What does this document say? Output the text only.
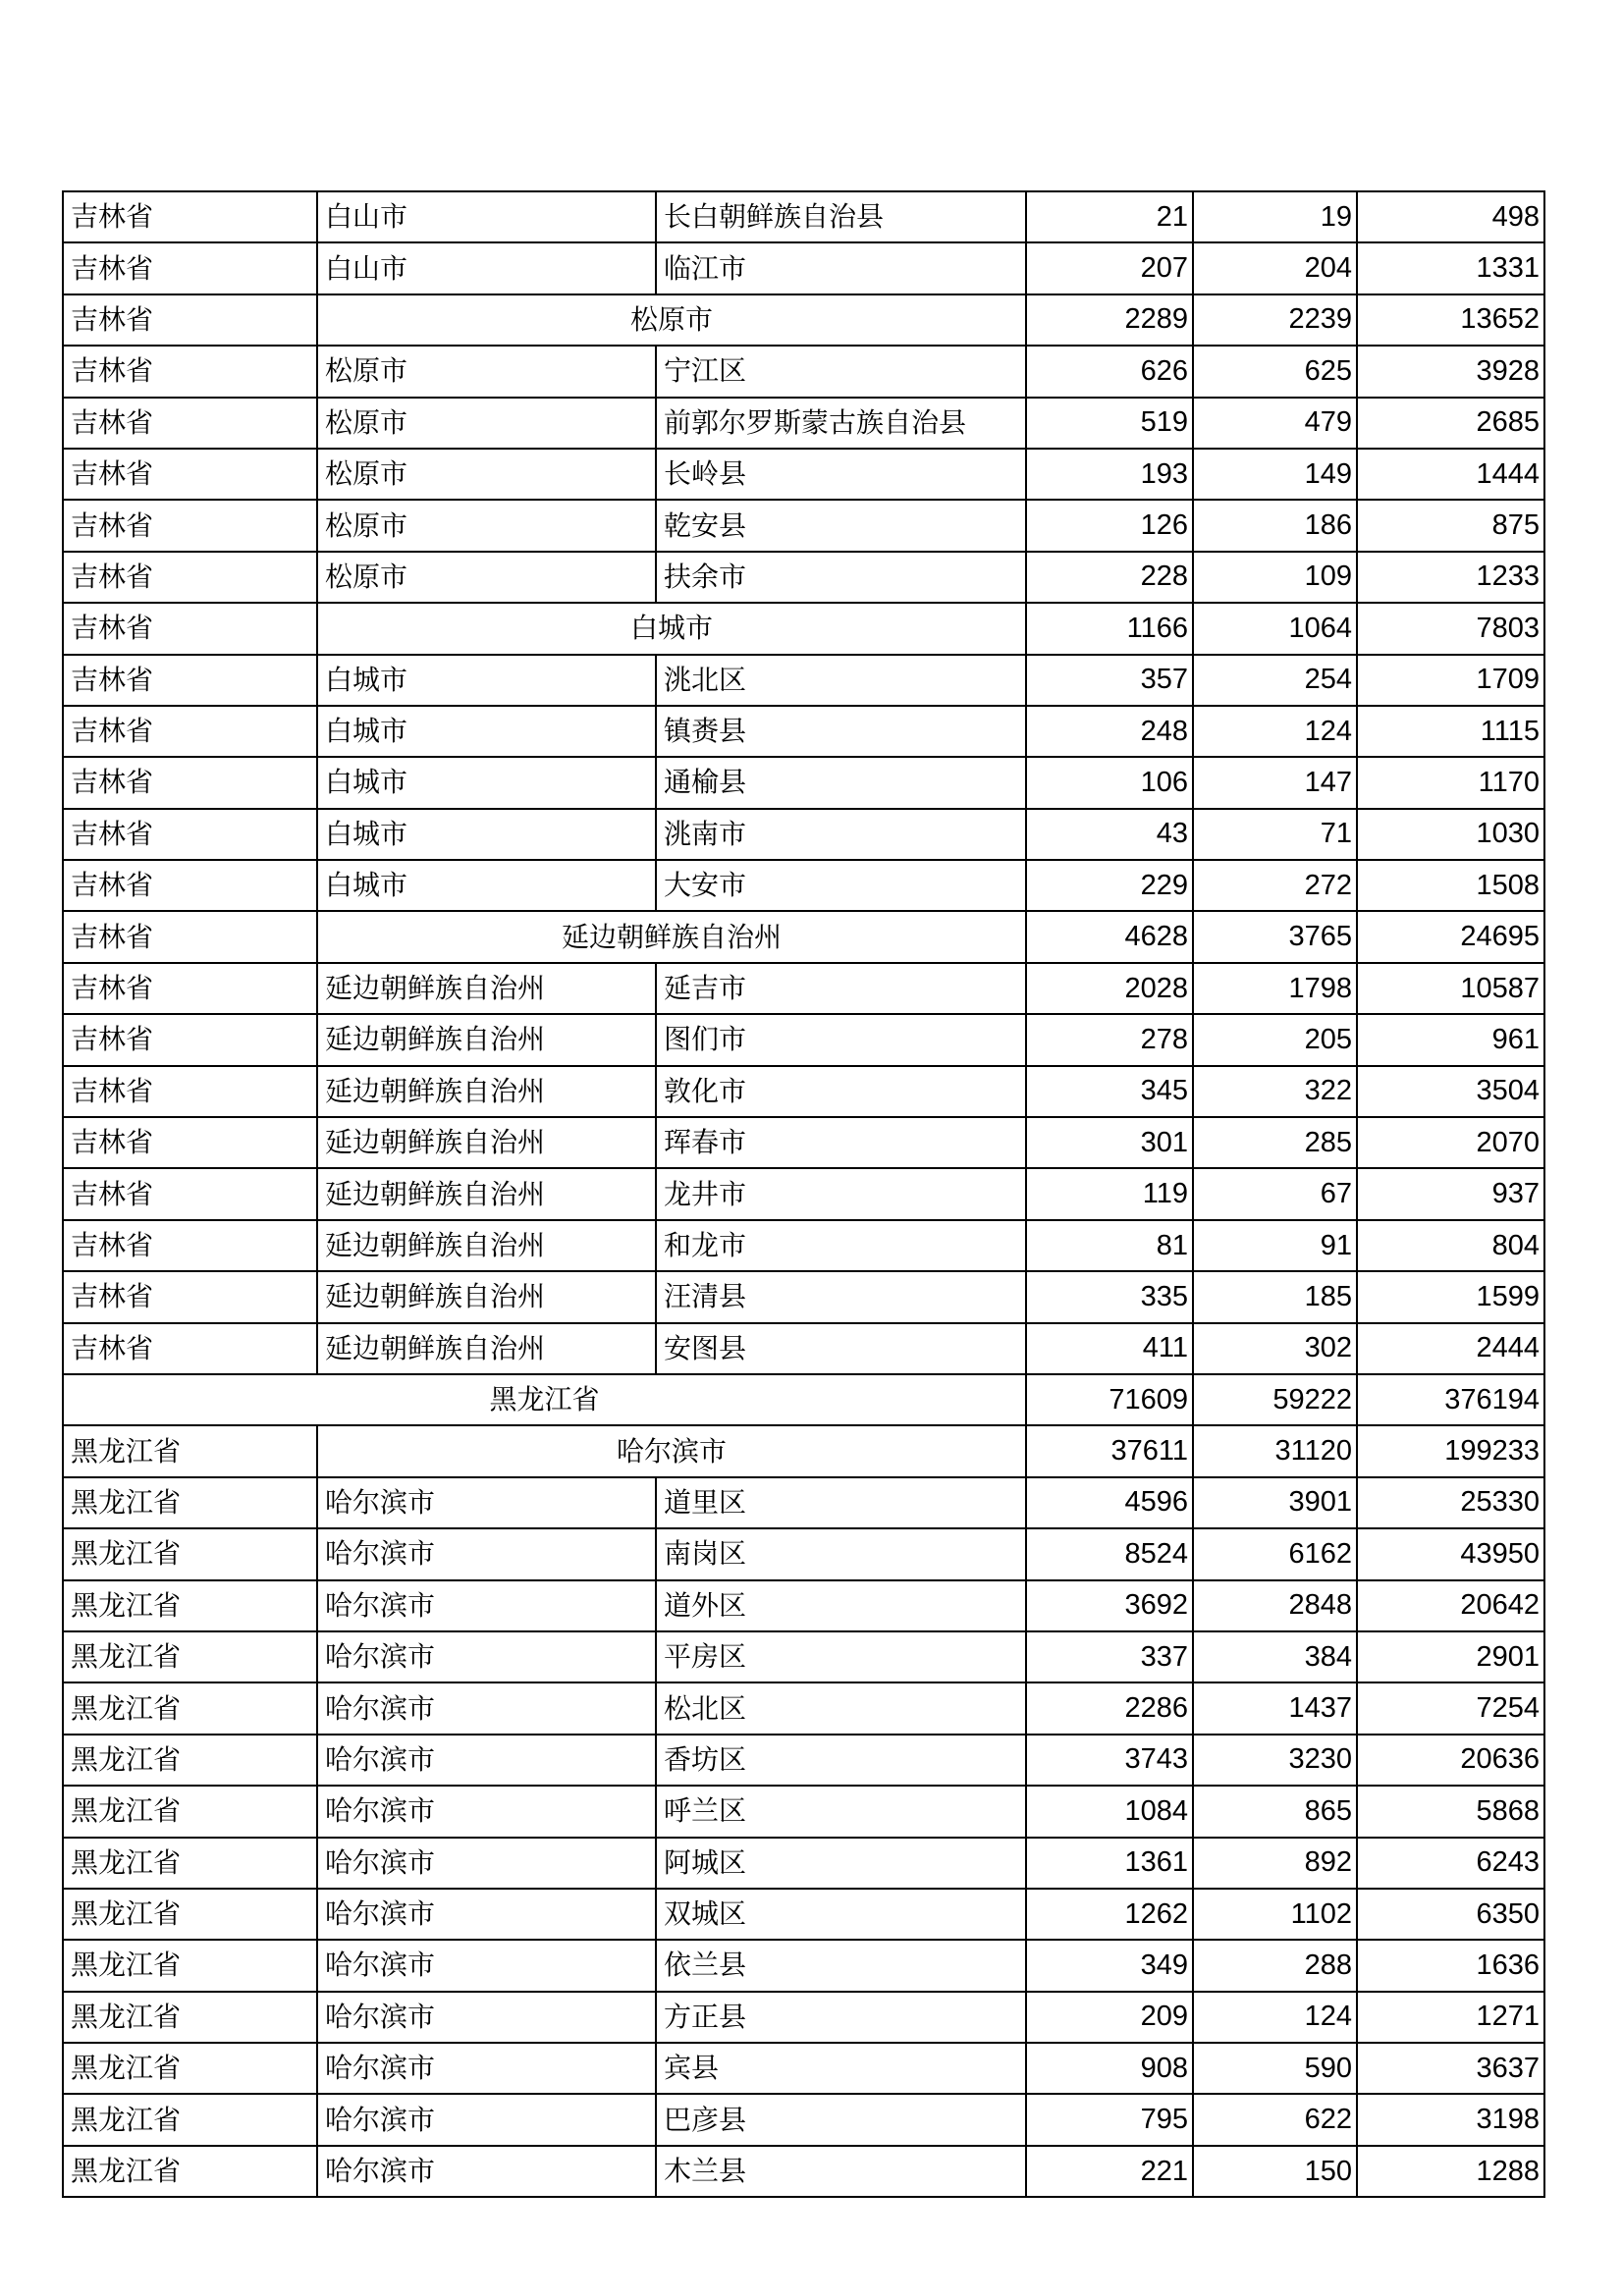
吉林省	白山市	长白朝鲜族自治县	21	19	498
吉林省	白山市	临江市	207	204	1331
吉林省	松原市		2289	2239	13652
吉林省	松原市	宁江区	626	625	3928
吉林省	松原市	前郭尔罗斯蒙古族自治县	519	479	2685
吉林省	松原市	长岭县	193	149	1444
吉林省	松原市	乾安县	126	186	875
吉林省	松原市	扶余市	228	109	1233
吉林省	白城市		1166	1064	7803
吉林省	白城市	洮北区	357	254	1709
吉林省	白城市	镇赉县	248	124	1115
吉林省	白城市	通榆县	106	147	1170
吉林省	白城市	洮南市	43	71	1030
吉林省	白城市	大安市	229	272	1508
吉林省	延边朝鲜族自治州		4628	3765	24695
吉林省	延边朝鲜族自治州	延吉市	2028	1798	10587
吉林省	延边朝鲜族自治州	图们市	278	205	961
吉林省	延边朝鲜族自治州	敦化市	345	322	3504
吉林省	延边朝鲜族自治州	珲春市	301	285	2070
吉林省	延边朝鲜族自治州	龙井市	119	67	937
吉林省	延边朝鲜族自治州	和龙市	81	91	804
吉林省	延边朝鲜族自治州	汪清县	335	185	1599
吉林省	延边朝鲜族自治州	安图县	411	302	2444
黑龙江省			71609	59222	376194
黑龙江省	哈尔滨市		37611	31120	199233
黑龙江省	哈尔滨市	道里区	4596	3901	25330
黑龙江省	哈尔滨市	南岗区	8524	6162	43950
黑龙江省	哈尔滨市	道外区	3692	2848	20642
黑龙江省	哈尔滨市	平房区	337	384	2901
黑龙江省	哈尔滨市	松北区	2286	1437	7254
黑龙江省	哈尔滨市	香坊区	3743	3230	20636
黑龙江省	哈尔滨市	呼兰区	1084	865	5868
黑龙江省	哈尔滨市	阿城区	1361	892	6243
黑龙江省	哈尔滨市	双城区	1262	1102	6350
黑龙江省	哈尔滨市	依兰县	349	288	1636
黑龙江省	哈尔滨市	方正县	209	124	1271
黑龙江省	哈尔滨市	宾县	908	590	3637
黑龙江省	哈尔滨市	巴彦县	795	622	3198
黑龙江省	哈尔滨市	木兰县	221	150	1288
